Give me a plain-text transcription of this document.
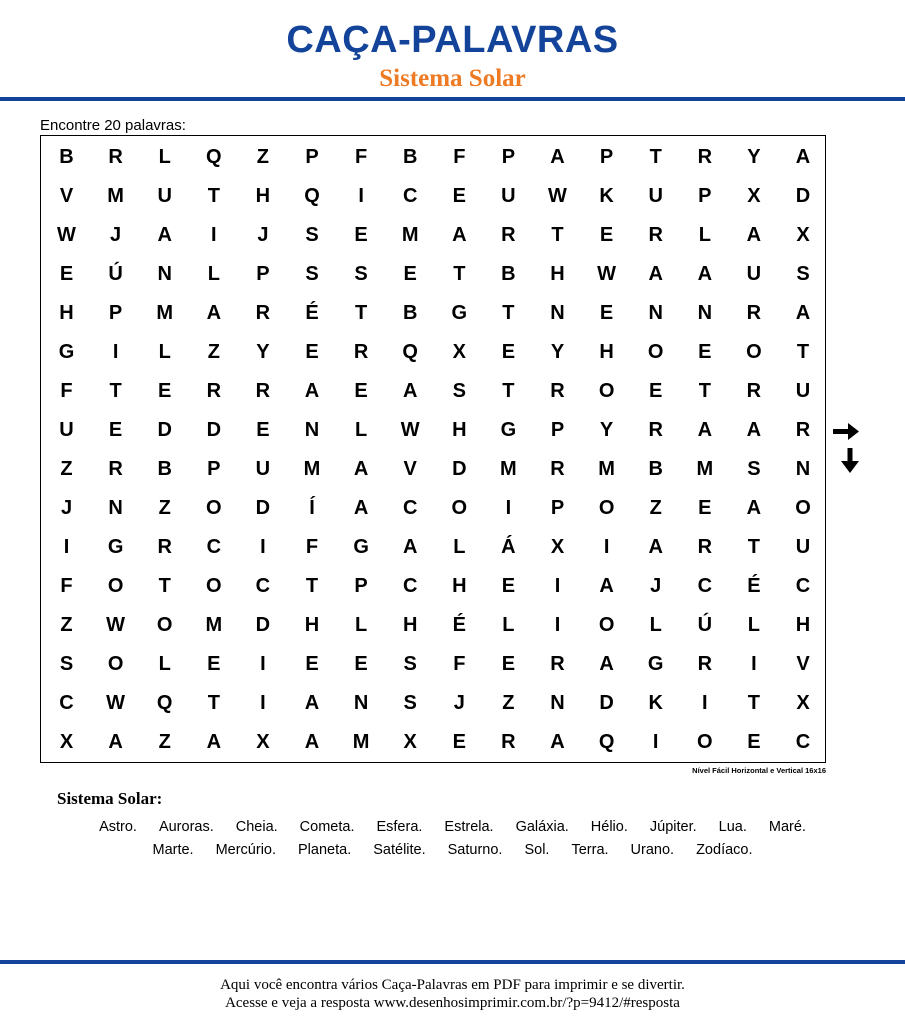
CAÇA-PALAVRAS
Sistema Solar
Encontre 20 palavras:
B	R	L	Q	Z	P	F	B	F	P	A	P	T	R	Y	A
V	M	U	T	H	Q	I	C	E	U	W	K	U	P	X	D
W	J	A	I	J	S	E	M	A	R	T	E	R	L	A	X
E	Ú	N	L	P	S	S	E	T	B	H	W	A	A	U	S
H	P	M	A	R	É	T	B	G	T	N	E	N	N	R	A
G	I	L	Z	Y	E	R	Q	X	E	Y	H	O	E	O	T
F	T	E	R	R	A	E	A	S	T	R	O	E	T	R	U
U	E	D	D	E	N	L	W	H	G	P	Y	R	A	A	R
Z	R	B	P	U	M	A	V	D	M	R	M	B	M	S	N
J	N	Z	O	D	Í	A	C	O	I	P	O	Z	E	A	O
I	G	R	C	I	F	G	A	L	Á	X	I	A	R	T	U
F	O	T	O	C	T	P	C	H	E	I	A	J	C	É	C
Z	W	O	M	D	H	L	H	É	L	I	O	L	Ú	L	H
S	O	L	E	I	E	E	S	F	E	R	A	G	R	I	V
C	W	Q	T	I	A	N	S	J	Z	N	D	K	I	T	X
X	A	Z	A	X	A	M	X	E	R	A	Q	I	O	E	C
Nível Fácil Horizontal e Vertical 16x16
Sistema Solar:
Astro. Auroras. Cheia. Cometa. Esfera. Estrela. Galáxia. Hélio. Júpiter. Lua. Maré.
Marte. Mercúrio. Planeta. Satélite. Saturno. Sol. Terra. Urano. Zodíaco.
Aqui você encontra vários Caça-Palavras em PDF para imprimir e se divertir.
Acesse e veja a resposta www.desenhosimprimir.com.br/?p=9412/#resposta
